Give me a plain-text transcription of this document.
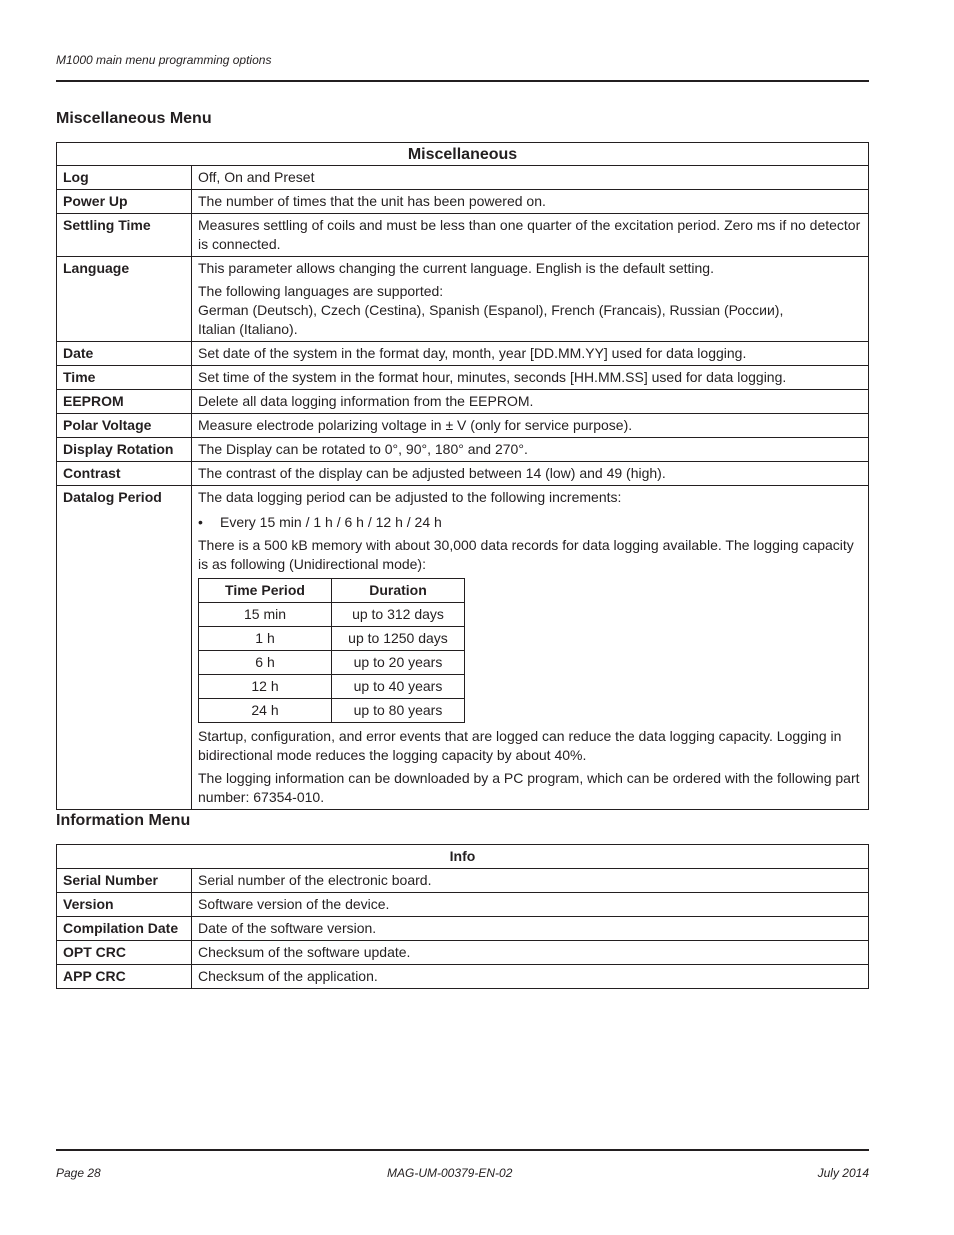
M1000 main menu programming options
Miscellaneous Menu
Miscellaneous
Log	Off, On and Preset

Power Up	The number of times that the unit has been powered on.

Settling Time	Measures settling of coils and must be less than one quarter of the excitation period. Zero ms if no detector is connected.

Language	This parameter allows changing the current language. English is the default setting.

The following languages are supported:

German (Deutsch), Czech (Cestina), Spanish (Espanol), French (Francais), Russian (России),

Italian (Italiano).

Date	Set date of the system in the format day, month, year [DD.MM.YY] used for data logging.

Time	Set time of the system in the format hour, minutes, seconds [HH.MM.SS] used for data logging.

EEPROM	Delete all data logging information from the EEPROM.

Polar Voltage	Measure electrode polarizing voltage in ± V (only for service purpose).

Display Rotation	The Display can be rotated to 0°, 90°, 180° and 270°.

Contrast	The contrast of the display can be adjusted between 14 (low) and 49 (high).

Datalog Period	The data logging period can be adjusted to the following increments:

•	Every 15 min / 1 h / 6 h / 12 h / 24 h

There is a 500 kB memory with about 30,000 data records for data logging available. The logging capacity is as following (Unidirectional mode):

Time Period	Duration
15 min	up to 312 days
1 h	up to 1250 days
6 h	up to 20 years
12 h	up to 40 years
24 h	up to 80 years

Startup, configuration, and error events that are logged can reduce the data logging capacity. Logging in bidirectional mode reduces the logging capacity by about 40%.

The logging information can be downloaded by a PC program, which can be ordered with the following part number: 67354-010.

Information Menu
Info	
Serial Number	Serial number of the electronic board.
Version	Software version of the device.
Compilation Date	Date of the software version.
OPT CRC	Checksum of the software update.
APP CRC	Checksum of the application.
Page 28	MAG-UM-00379-EN-02	July 2014
